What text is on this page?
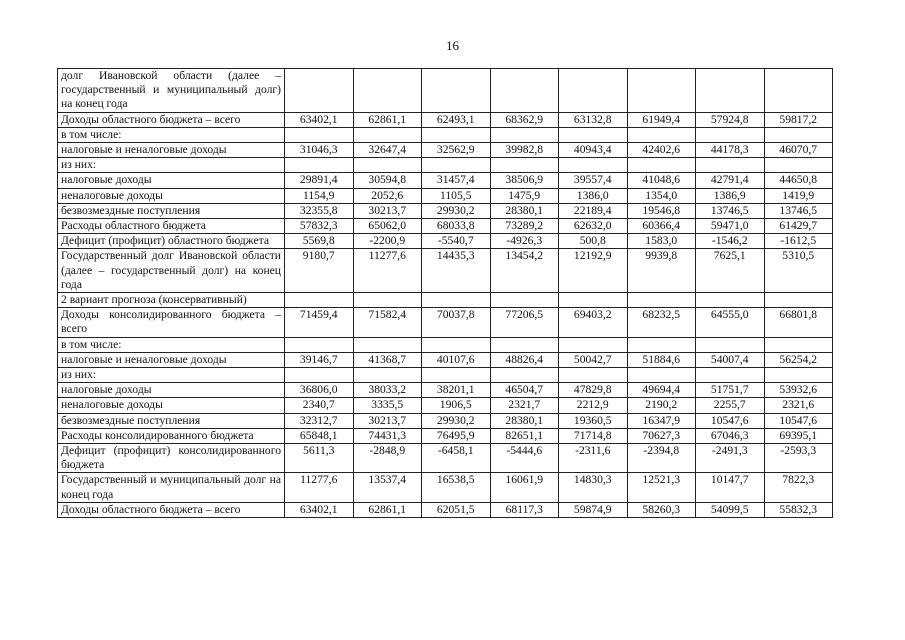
16
долг Ивановской области (далее – государственный и муниципальный долг) на конец года								
Доходы областного бюджета – всего	63402,1	62861,1	62493,1	68362,9	63132,8	61949,4	57924,8	59817,2
в том числе:								
налоговые и неналоговые доходы	31046,3	32647,4	32562,9	39982,8	40943,4	42402,6	44178,3	46070,7
из них:								
налоговые доходы	29891,4	30594,8	31457,4	38506,9	39557,4	41048,6	42791,4	44650,8
неналоговые доходы	1154,9	2052,6	1105,5	1475,9	1386,0	1354,0	1386,9	1419,9
безвозмездные поступления	32355,8	30213,7	29930,2	28380,1	22189,4	19546,8	13746,5	13746,5
Расходы областного бюджета	57832,3	65062,0	68033,8	73289,2	62632,0	60366,4	59471,0	61429,7
Дефицит (профицит) областного бюджета	5569,8	-2200,9	-5540,7	-4926,3	500,8	1583,0	-1546,2	-1612,5
Государственный долг Ивановской области (далее – государственный долг) на конец года	9180,7	11277,6	14435,3	13454,2	12192,9	9939,8	7625,1	5310,5
2 вариант прогноза (консервативный)								
Доходы консолидированного бюджета – всего	71459,4	71582,4	70037,8	77206,5	69403,2	68232,5	64555,0	66801,8
в том числе:								
налоговые и неналоговые доходы	39146,7	41368,7	40107,6	48826,4	50042,7	51884,6	54007,4	56254,2
из них:								
налоговые доходы	36806,0	38033,2	38201,1	46504,7	47829,8	49694,4	51751,7	53932,6
неналоговые доходы	2340,7	3335,5	1906,5	2321,7	2212,9	2190,2	2255,7	2321,6
безвозмездные поступления	32312,7	30213,7	29930,2	28380,1	19360,5	16347,9	10547,6	10547,6
Расходы консолидированного бюджета	65848,1	74431,3	76495,9	82651,1	71714,8	70627,3	67046,3	69395,1
Дефицит (профицит) консолидированного бюджета	5611,3	-2848,9	-6458,1	-5444,6	-2311,6	-2394,8	-2491,3	-2593,3
Государственный и муниципальный долг на конец года	11277,6	13537,4	16538,5	16061,9	14830,3	12521,3	10147,7	7822,3
Доходы областного бюджета – всего	63402,1	62861,1	62051,5	68117,3	59874,9	58260,3	54099,5	55832,3
